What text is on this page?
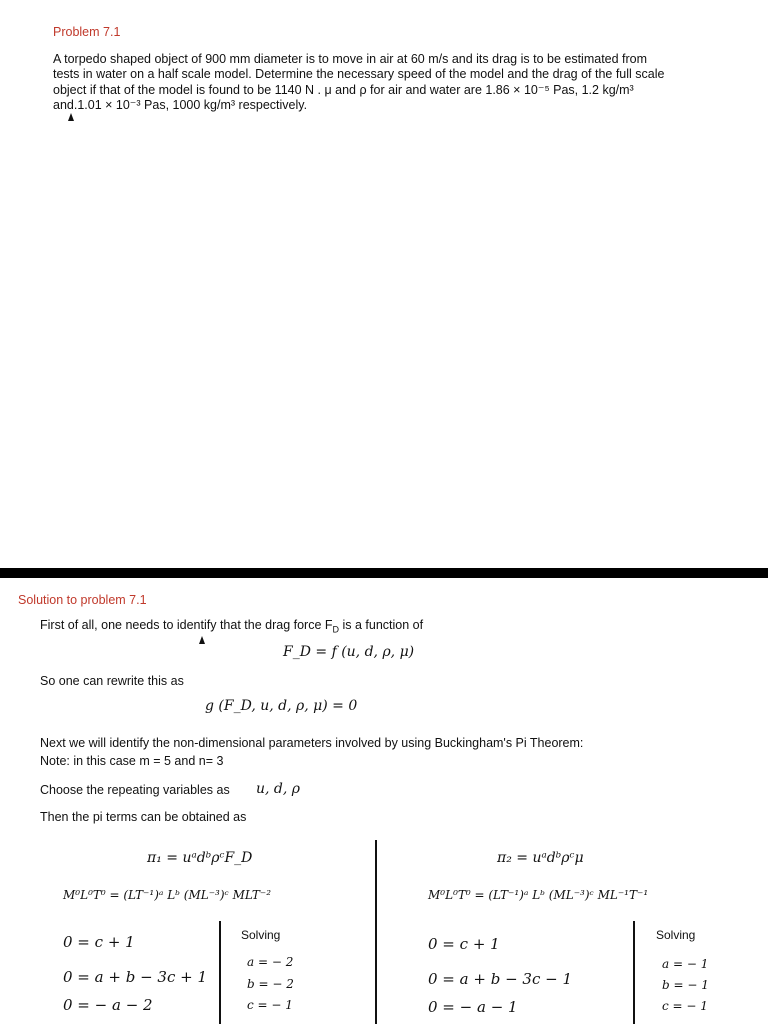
Problem 7.1
A torpedo shaped object of 900 mm diameter is to move in air at 60 m/s and its drag is to be estimated from
tests in water on a half scale model. Determine the necessary speed of the model and the drag of the full scale
object if that of the model is found to be 1140 N . μ and ρ for air and water are 1.86 × 10⁻⁵ Pas, 1.2 kg/m³
and.1.01 × 10⁻³ Pas, 1000 kg/m³ respectively.
Solution to problem 7.1
First of all, one needs to identify that the drag force $F_D$ is a function of
F_D = f (u, d, ρ, μ)
So one can rewrite this as
g (F_D, u, d, ρ, μ) = 0
Next we will identify the non-dimensional parameters involved by using Buckingham's Pi Theorem:
Note: in this case m = 5 and n= 3
Choose the repeating variables as u, d, ρ
Then the pi terms can be obtained as
π₁ = uᵃdᵇρᶜF_D
M⁰L⁰T⁰ = (LT⁻¹)ᵃ Lᵇ (ML⁻³)ᶜ MLT⁻²
0 = c + 1
0 = a + b − 3c + 1
0 = − a − 2
Solving
a = − 2
b = − 2
c = − 1
π₂ = uᵃdᵇρᶜμ
M⁰L⁰T⁰ = (LT⁻¹)ᵃ Lᵇ (ML⁻³)ᶜ ML⁻¹T⁻¹
0 = c + 1
0 = a + b − 3c − 1
0 = − a − 1
Solving
a = − 1
b = − 1
c = − 1
